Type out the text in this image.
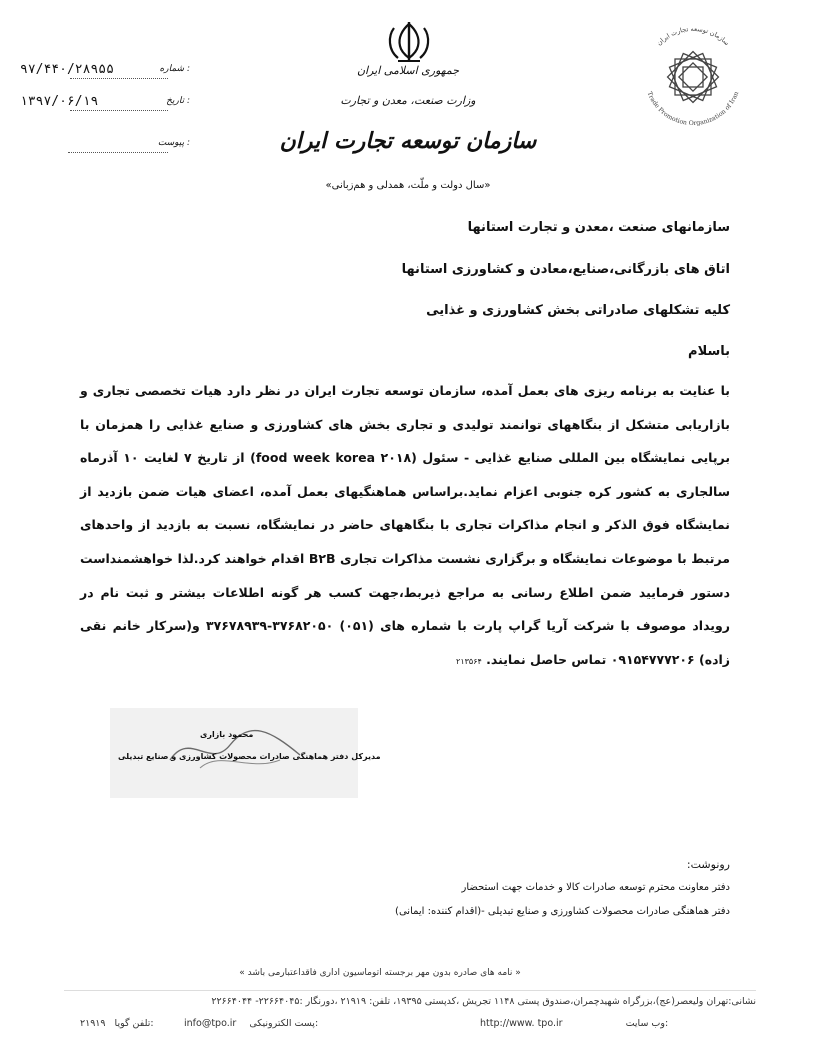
۹۷/۴۴۰/۲۸۹۵۵	شماره :
۱۳۹۷/۰۶/۱۹	تاریخ :
پیوست :
جمهوری اسلامی ایران
وزارت صنعت، معدن و تجارت
سازمان توسعه تجارت ایران
«سال دولت و ملّت، همدلی و هم‌زبانی»
Trade Promotion Organization of Iran
سازمان توسعه تجارت ایران
سازمانهای صنعت ،معدن و تجارت استانها
اتاق های بازرگانی،صنایع،معادن و کشاورزی استانها
کلیه تشکلهای صادراتی بخش کشاورزی و غذایی
باسلام
با عنایت به برنامه ریزی های بعمل آمده، سازمان توسعه تجارت ایران در نظر دارد هیات تخصصی تجاری و بازاریابی متشکل از بنگاههای توانمند تولیدی و تجاری بخش های کشاورزی و صنایع غذایی را همزمان با برپایی نمایشگاه بین المللی صنایع غذایی - سئول (food week korea ۲۰۱۸) از تاریخ ۷ لغایت ۱۰ آذرماه سالجاری به کشور کره جنوبی اعزام نماید.براساس هماهنگیهای بعمل آمده، اعضای هیات ضمن بازدید از نمایشگاه فوق الذکر و انجام مذاکرات تجاری با بنگاههای حاضر در نمایشگاه، نسبت به بازدید از واحدهای مرتبط با موضوعات نمایشگاه و برگزاری نشست مذاکرات تجاری B۲B اقدام خواهند کرد.لذا خواهشمنداست دستور فرمایید ضمن اطلاع رسانی به مراجع ذیربط،جهت کسب هر گونه اطلاعات بیشتر و ثبت نام در رویداد موصوف با شرکت آریا گراپ پارت با شماره های (۰۵۱) ۳۷۶۸۲۰۵۰-۳۷۶۷۸۹۳۹ و(سرکار خانم نقی زاده) ۰۹۱۵۴۷۷۷۲۰۶ تماس حاصل نمایند. ۲۱۳۵۶۴
محمود بازاری
مدیرکل دفتر هماهنگی صادرات محصولات کشاورزی و صنایع تبدیلی
رونوشت:
دفتر معاونت محترم توسعه صادرات کالا و خدمات جهت استحضار
دفتر هماهنگی صادرات محصولات کشاورزی و صنایع تبدیلی -(اقدام کننده: ایمانی)
« نامه های صادره بدون مهر برجسته اتوماسیون اداری فاقداعتبارمی باشد »
نشانی:تهران ولیعصر(عج)،بزرگراه شهیدچمران،صندوق پستی ۱۱۴۸ تجریش ،کدپستی ۱۹۳۹۵، تلفن: ۲۱۹۱۹ ،دورنگار :۲۲۶۶۴۰۴۵- ۲۲۶۶۴۰۴۴
۲۱۹۱۹ تلفن گویا:	info@tpo.ir پست الکترونیکی:	http://www. tpo.ir	وب سایت:
